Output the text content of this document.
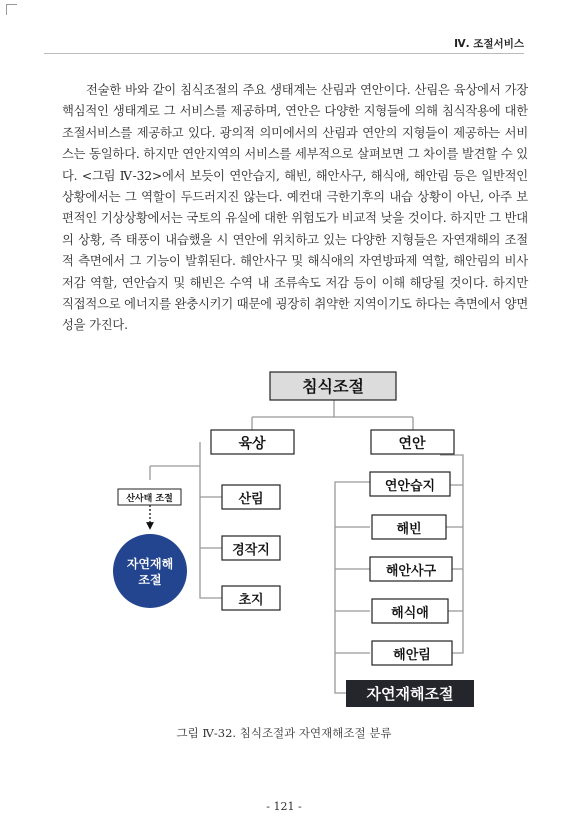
Ⅳ. 조절서비스

전술한 바와 같이 침식조절의 주요 생태계는 산림과 연안이다. 산림은 육상에서 가장 핵심적인 생태계로 그 서비스를 제공하며, 연안은 다양한 지형들에 의해 침식작용에 대한 조절서비스를 제공하고 있다. 광의적 의미에서의 산림과 연안의 지형들이 제공하는 서비스는 동일하다. 하지만 연안지역의 서비스를 세부적으로 살펴보면 그 차이를 발견할 수 있다. <그림 Ⅳ-32>에서 보듯이 연안습지, 해빈, 해안사구, 해식애, 해안림 등은 일반적인 상황에서는 그 역할이 두드러지진 않는다. 예컨대 극한기후의 내습 상황이 아닌, 아주 보편적인 기상상황에서는 국토의 유실에 대한 위험도가 비교적 낮을 것이다. 하지만 그 반대의 상황, 즉 태풍이 내습했을 시 연안에 위치하고 있는 다양한 지형들은 자연재해의 조절적 측면에서 그 기능이 발휘된다. 해안사구 및 해식애의 자연방파제 역할, 해안림의 비사 저감 역할, 연안습지 및 해빈은 수역 내 조류속도 저감 등이 이해 해당될 것이다. 하지만 직접적으로 에너지를 완충시키기 때문에 굉장히 취약한 지역이기도 하다는 측면에서 양면성을 가진다.

침식조절
육상	연안
산림
경작지
초지
산사태 조절
자연재해
조절
연안습지
해빈
해안사구
해식애
해안림
자연재해조절
그림 Ⅳ-32. 침식조절과 자연재해조절 분류
- 121 -
